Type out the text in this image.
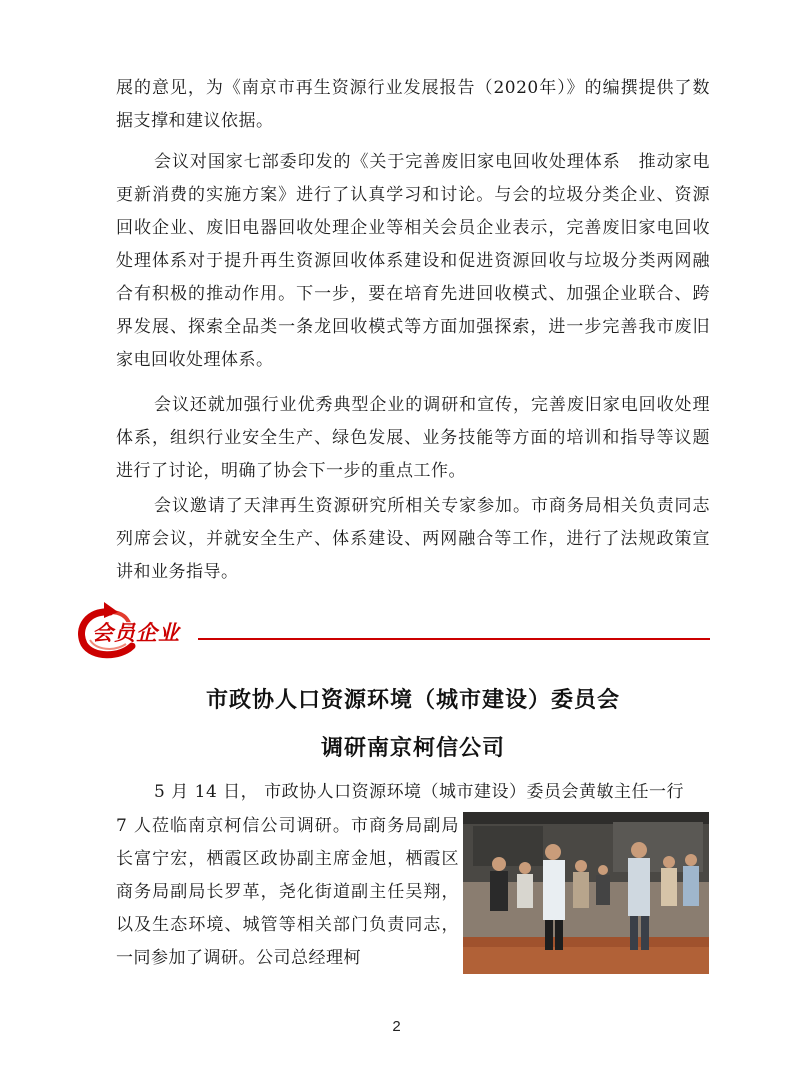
展的意见，为《南京市再生资源行业发展报告（2020年）》的编撰提供了数据支撑和建议依据。

会议对国家七部委印发的《关于完善废旧家电回收处理体系　推动家电更新消费的实施方案》进行了认真学习和讨论。与会的垃圾分类企业、资源回收企业、废旧电器回收处理企业等相关会员企业表示，完善废旧家电回收处理体系对于提升再生资源回收体系建设和促进资源回收与垃圾分类两网融合有积极的推动作用。下一步，要在培育先进回收模式、加强企业联合、跨界发展、探索全品类一条龙回收模式等方面加强探索，进一步完善我市废旧家电回收处理体系。

会议还就加强行业优秀典型企业的调研和宣传，完善废旧家电回收处理体系，组织行业安全生产、绿色发展、业务技能等方面的培训和指导等议题进行了讨论，明确了协会下一步的重点工作。

会议邀请了天津再生资源研究所相关专家参加。市商务局相关负责同志列席会议，并就安全生产、体系建设、两网融合等工作，进行了法规政策宣讲和业务指导。

会员企业
市政协人口资源环境（城市建设）委员会
调研南京柯信公司

5 月 14 日， 市政协人口资源环境（城市建设）委员会黄敏主任一行

7 人莅临南京柯信公司调研。市商务局副局长富宁宏，栖霞区政协副主席金旭，栖霞区商务局副局长罗革，尧化街道副主任吴翔，以及生态环境、城管等相关部门负责同志，一同参加了调研。公司总经理柯

2
